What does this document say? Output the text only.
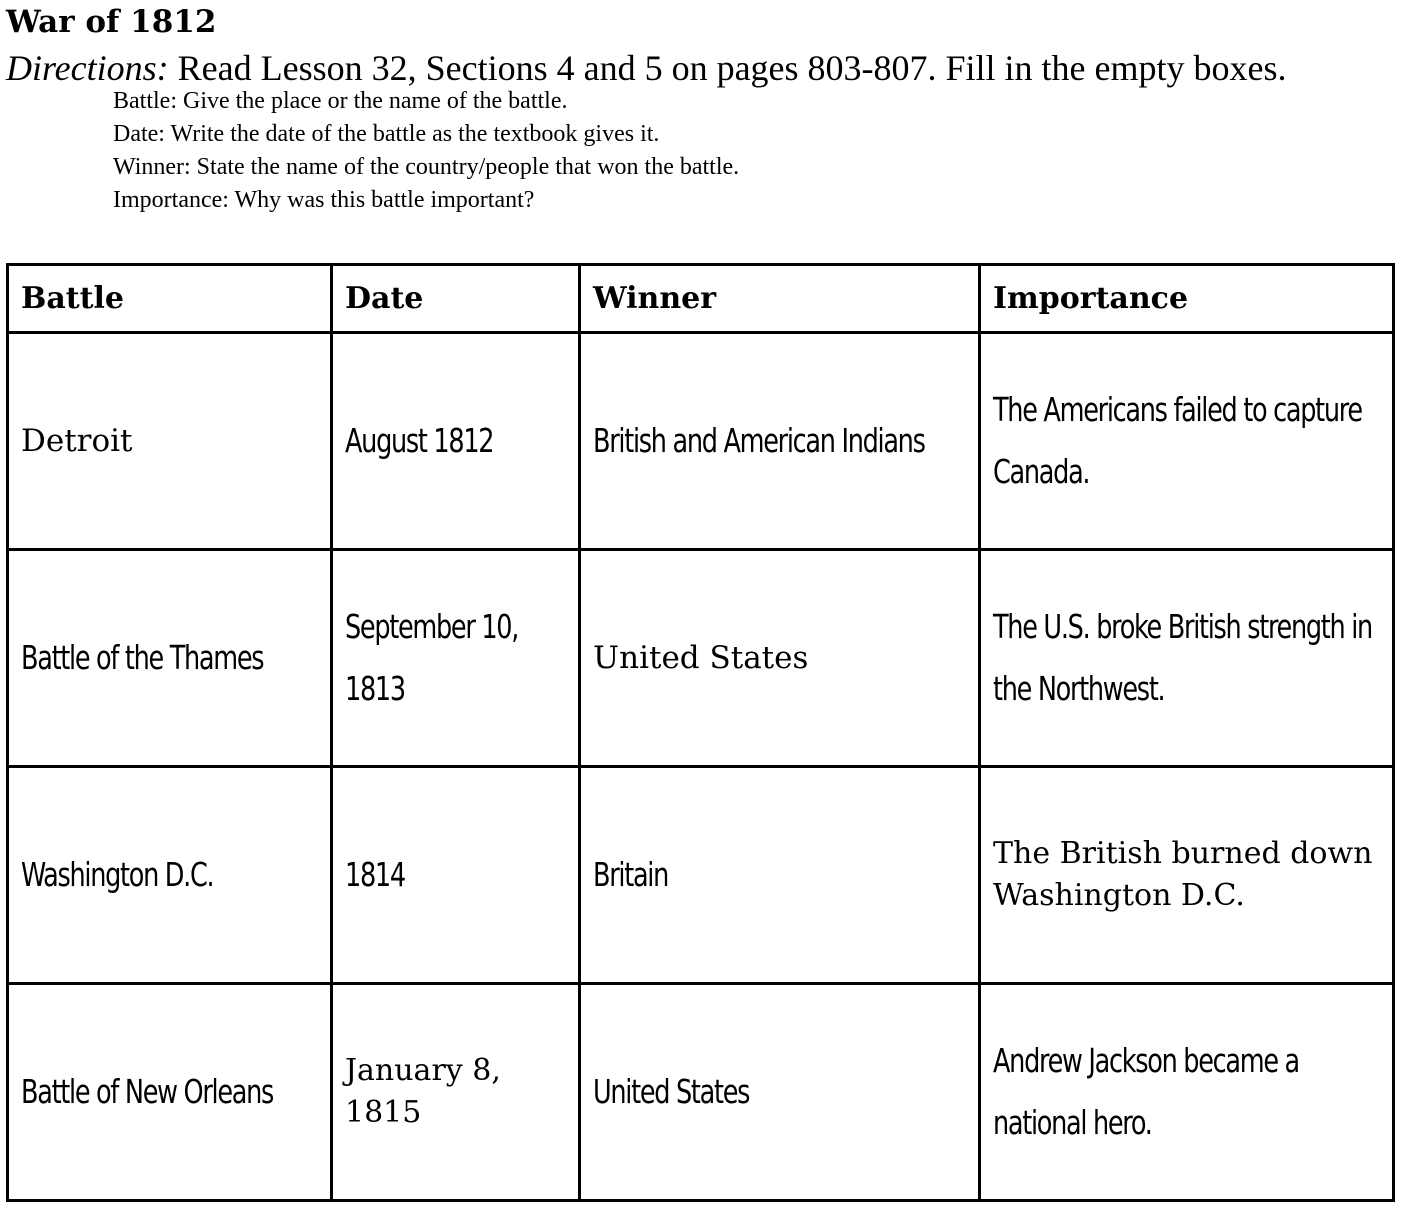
War of 1812

Directions: Read Lesson 32, Sections 4 and 5 on pages 803-807. Fill in the empty boxes.

Battle: Give the place or the name of the battle.

Date: Write the date of the battle as the textbook gives it.

Winner: State the name of the country/people that won the battle.

Importance: Why was this battle important?

Battle	Date	Winner	Importance
Detroit	August 1812	British and American Indians	The Americans failed to capture Canada.

Battle of the Thames	September 10, 1813	United States	The U.S. broke British strength in the Northwest.

Washington D.C.	1814	Britain	The British burned down Washington D.C.

Battle of New Orleans	January 8, 1815	United States	Andrew Jackson became a national hero.
